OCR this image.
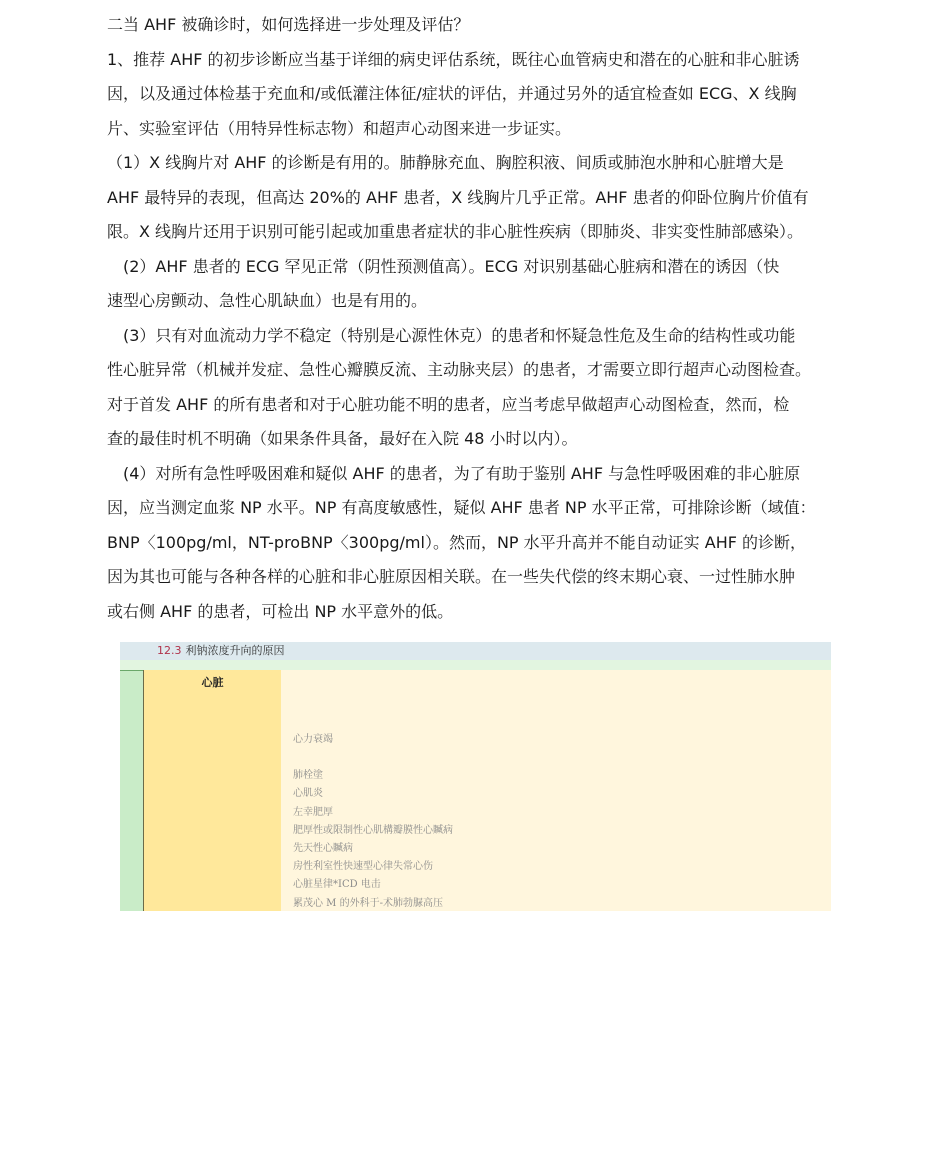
二当 AHF 被确诊时，如何选择进一步处理及评估？
1、推荐 AHF 的初步诊断应当基于详细的病史评估系统，既往心血管病史和潜在的心脏和非心脏诱
因，以及通过体检基于充血和/或低灌注体征/症状的评估，并通过另外的适宜检查如 ECG、X 线胸
片、实验室评估（用特异性标志物）和超声心动图来进一步证实。
（1）X 线胸片对 AHF 的诊断是有用的。肺静脉充血、胸腔积液、间质或肺泡水肿和心脏增大是
AHF 最特异的表现，但高达 20%的 AHF 患者，X 线胸片几乎正常。AHF 患者的仰卧位胸片价值有
限。X 线胸片还用于识别可能引起或加重患者症状的非心脏性疾病（即肺炎、非实变性肺部感染）。
　(2）AHF 患者的 ECG 罕见正常（阴性预测值高）。ECG 对识别基础心脏病和潜在的诱因（快
速型心房颤动、急性心肌缺血）也是有用的。
　(3）只有对血流动力学不稳定（特别是心源性休克）的患者和怀疑急性危及生命的结构性或功能
性心脏异常（机械并发症、急性心瓣膜反流、主动脉夹层）的患者，才需要立即行超声心动图检查。
对于首发 AHF 的所有患者和对于心脏功能不明的患者，应当考虑早做超声心动图检查，然而，检
查的最佳时机不明确（如果条件具备，最好在入院 48 小时以内）。
　(4）对所有急性呼吸困难和疑似 AHF 的患者，为了有助于鉴别 AHF 与急性呼吸困难的非心脏原
因，应当测定血浆 NP 水平。NP 有高度敏感性，疑似 AHF 患者 NP 水平正常，可排除诊断（域值：
BNP〈100pg/ml，NT-proBNP〈300pg/ml）。然而，NP 水平升高并不能自动证实 AHF 的诊断，
因为其也可能与各种各样的心脏和非心脏原因相关联。在一些失代偿的终末期心衰、一过性肺水肿
或右侧 AHF 的患者，可检出 NP 水平意外的低。
12.3 利钠浓度升向的原因
心脏
心力衰竭
肺栓塗
心肌炎
左幸肥厚
肥厚性或限制性心肌構瓣膜性心贓病
先天性心贓病
房性利室性快速型心律失常心伤
心脏星律*ICD 电击
累茂心 M 的外科于-术肺勃脲高压
